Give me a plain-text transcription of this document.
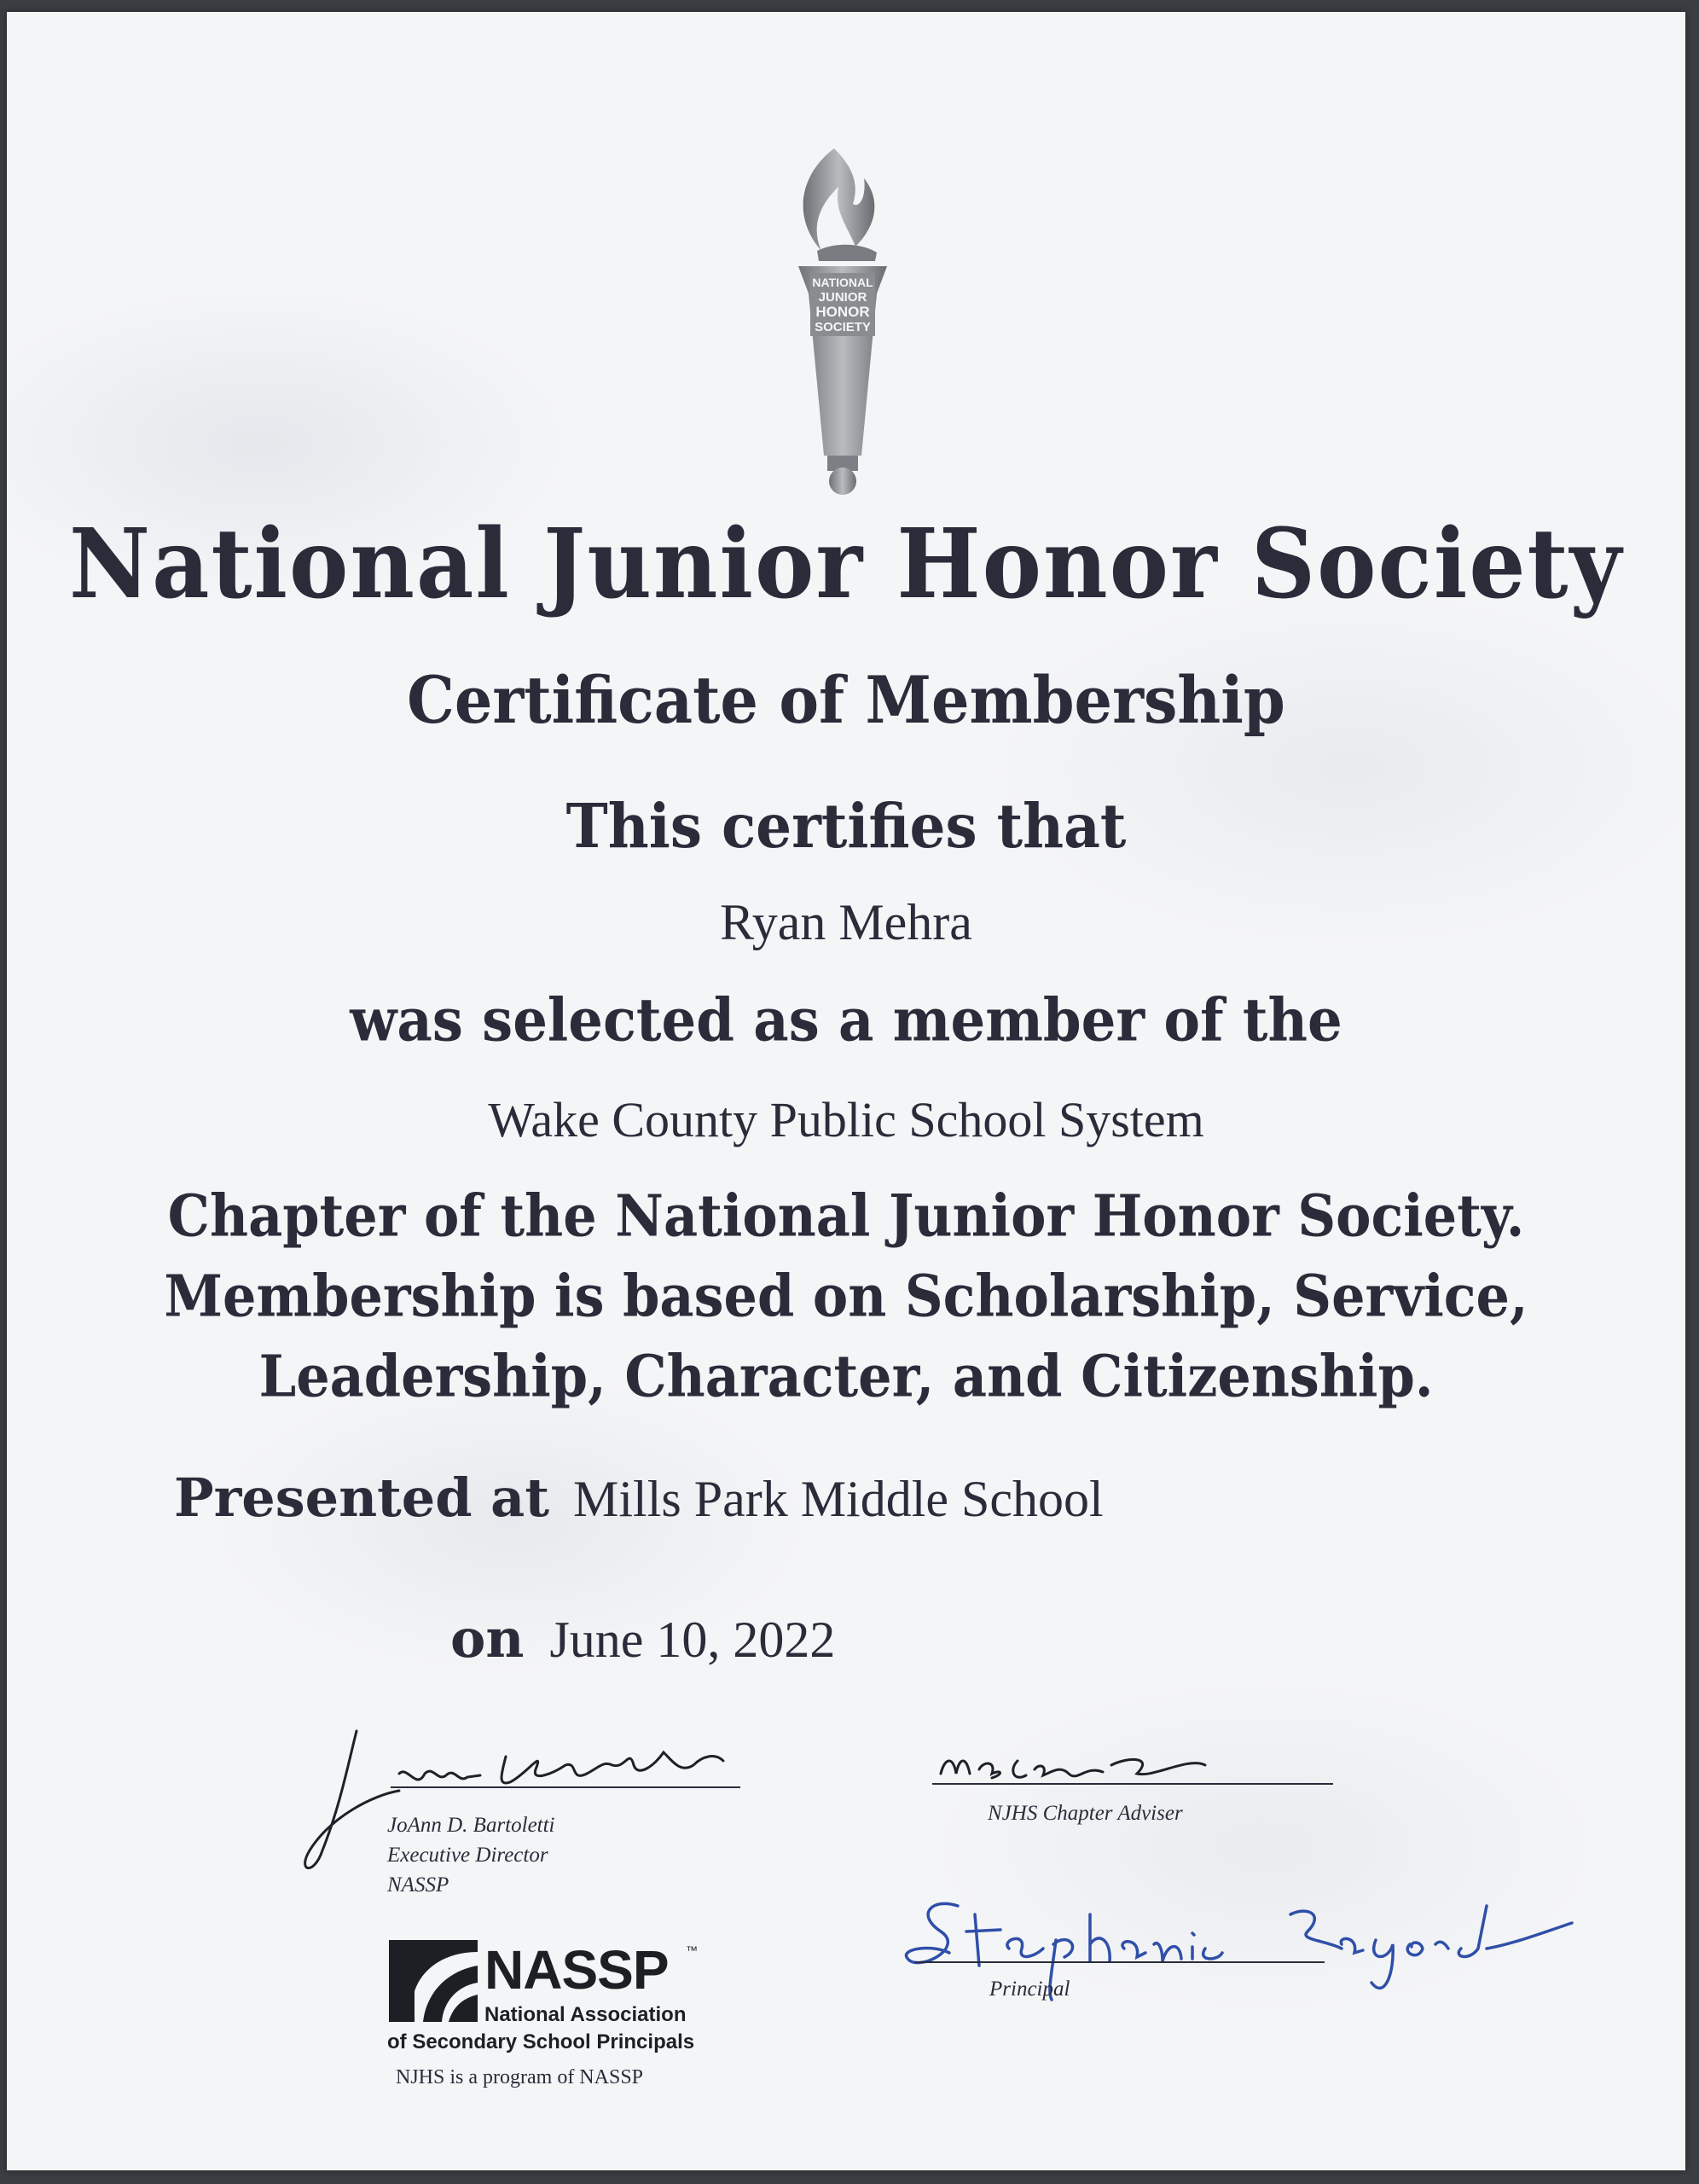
NATIONAL
JUNIOR
HONOR
SOCIETY
National Junior Honor Society
Certificate of Membership

This certifies that

Ryan Mehra

was selected as a member of the

Wake County Public School System

Chapter of the National Junior Honor Society.

Membership is based on Scholarship, Service,

Leadership, Character, and Citizenship.

Presented at Mills Park Middle School
on June 10, 2022
JoAnn D. Bartoletti
Executive Director
NASSP
NJHS Chapter Adviser
Principal
NASSP ™
National Association
of Secondary School Principals
NJHS is a program of NASSP
